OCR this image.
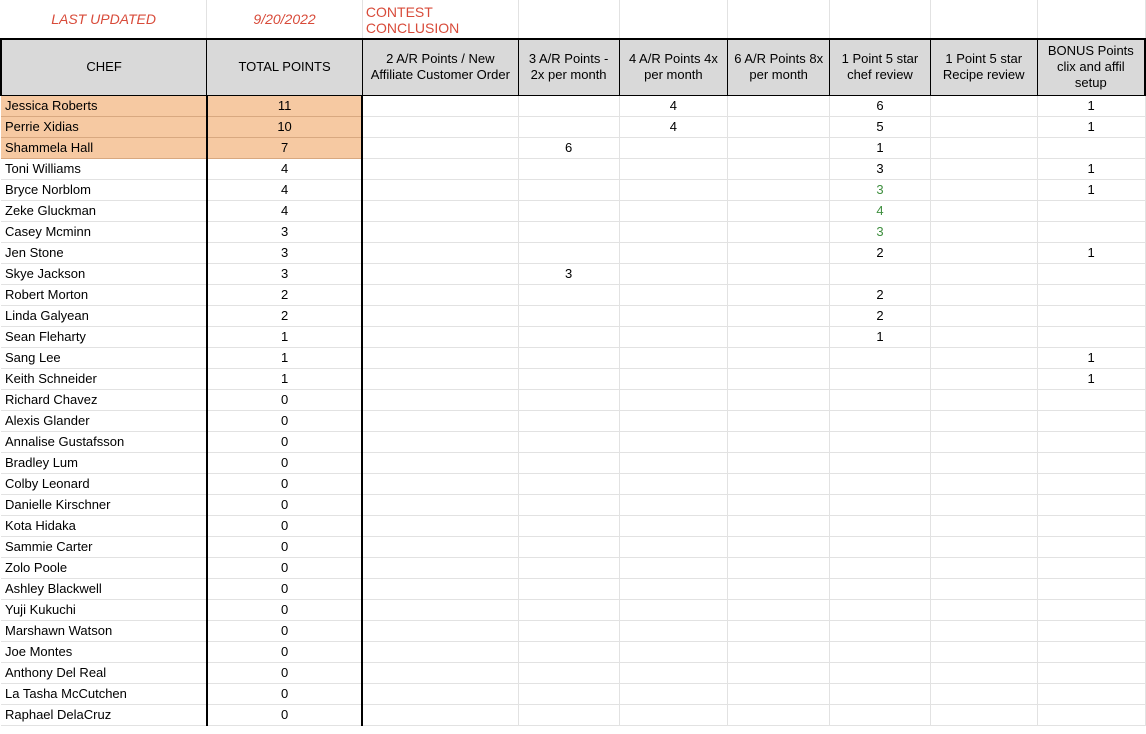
LAST UPDATED	9/20/2022	CONTEST
CONCLUSION						
CHEF	TOTAL POINTS	2 A/R Points / New Affiliate Customer Order	3 A/R Points - 2x per month	4 A/R Points 4x per month	6 A/R Points 8x per month	1 Point 5 star chef review	1 Point 5 star Recipe review	BONUS Points clix and affil setup
Jessica Roberts	11			4		6		1
Perrie Xidias	10			4		5		1
Shammela Hall	7		6			1		
Toni Williams	4					3		1
Bryce Norblom	4					3		1
Zeke Gluckman	4					4		
Casey Mcminn	3					3		
Jen Stone	3					2		1
Skye Jackson	3		3					
Robert Morton	2					2		
Linda Galyean	2					2		
Sean Fleharty	1					1		
Sang Lee	1							1
Keith Schneider	1							1
Richard Chavez	0							
Alexis Glander	0							
Annalise Gustafsson	0							
Bradley Lum	0							
Colby Leonard	0							
Danielle Kirschner	0							
Kota Hidaka	0							
Sammie Carter	0							
Zolo Poole	0							
Ashley Blackwell	0							
Yuji Kukuchi	0							
Marshawn Watson	0							
Joe Montes	0							
Anthony Del Real	0							
La Tasha McCutchen	0							
Raphael DelaCruz	0							
